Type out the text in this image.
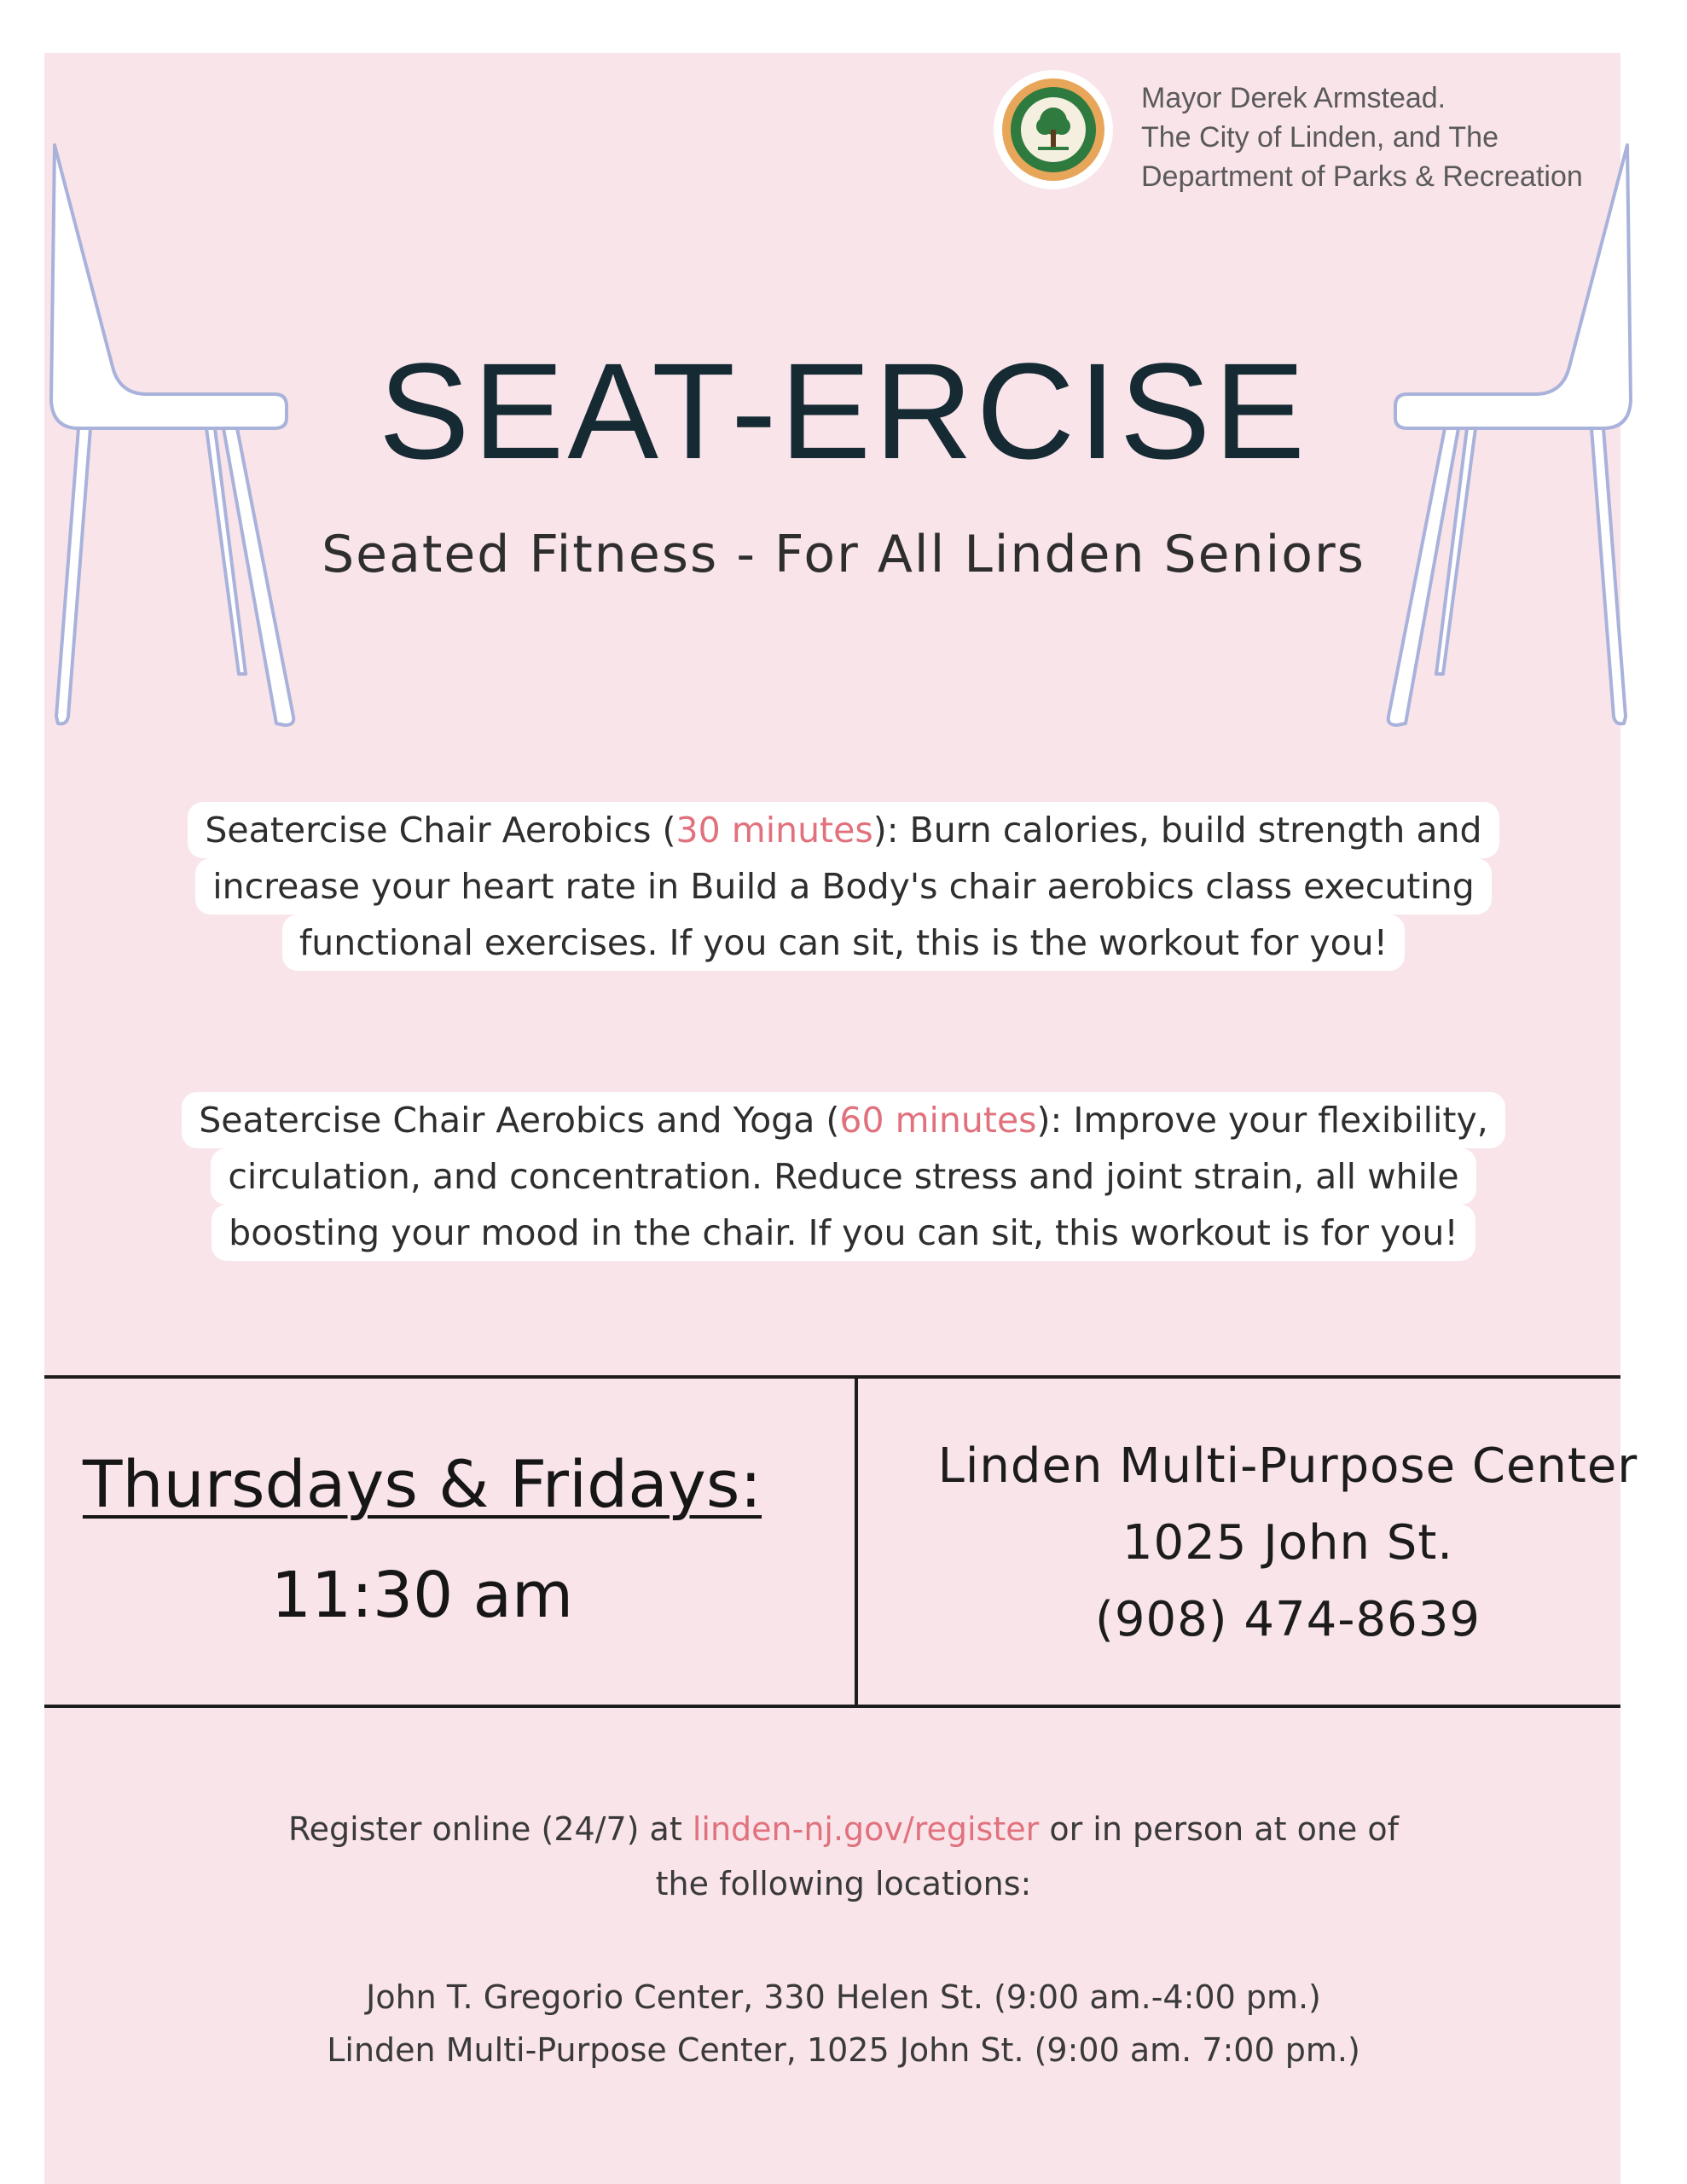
Mayor Derek Armstead.
The City of Linden, and The
Department of Parks & Recreation
SEAT-ERCISE
Seated Fitness - For All Linden Seniors
Seatercise Chair Aerobics (30 minutes): Burn calories, build strength and
increase your heart rate in Build a Body's chair aerobics class executing
functional exercises. If you can sit, this is the workout for you!
Seatercise Chair Aerobics and Yoga (60 minutes): Improve your flexibility,
circulation, and concentration. Reduce stress and joint strain, all while
boosting your mood in the chair. If you can sit, this workout is for you!
Thursdays & Fridays:
11:30 am
Linden Multi-Purpose Center
1025 John St.
(908) 474-8639
Register online (24/7) at linden-nj.gov/register or in person at one of
the following locations:
John T. Gregorio Center, 330 Helen St. (9:00 am.-4:00 pm.)
Linden Multi-Purpose Center, 1025 John St. (9:00 am. 7:00 pm.)
